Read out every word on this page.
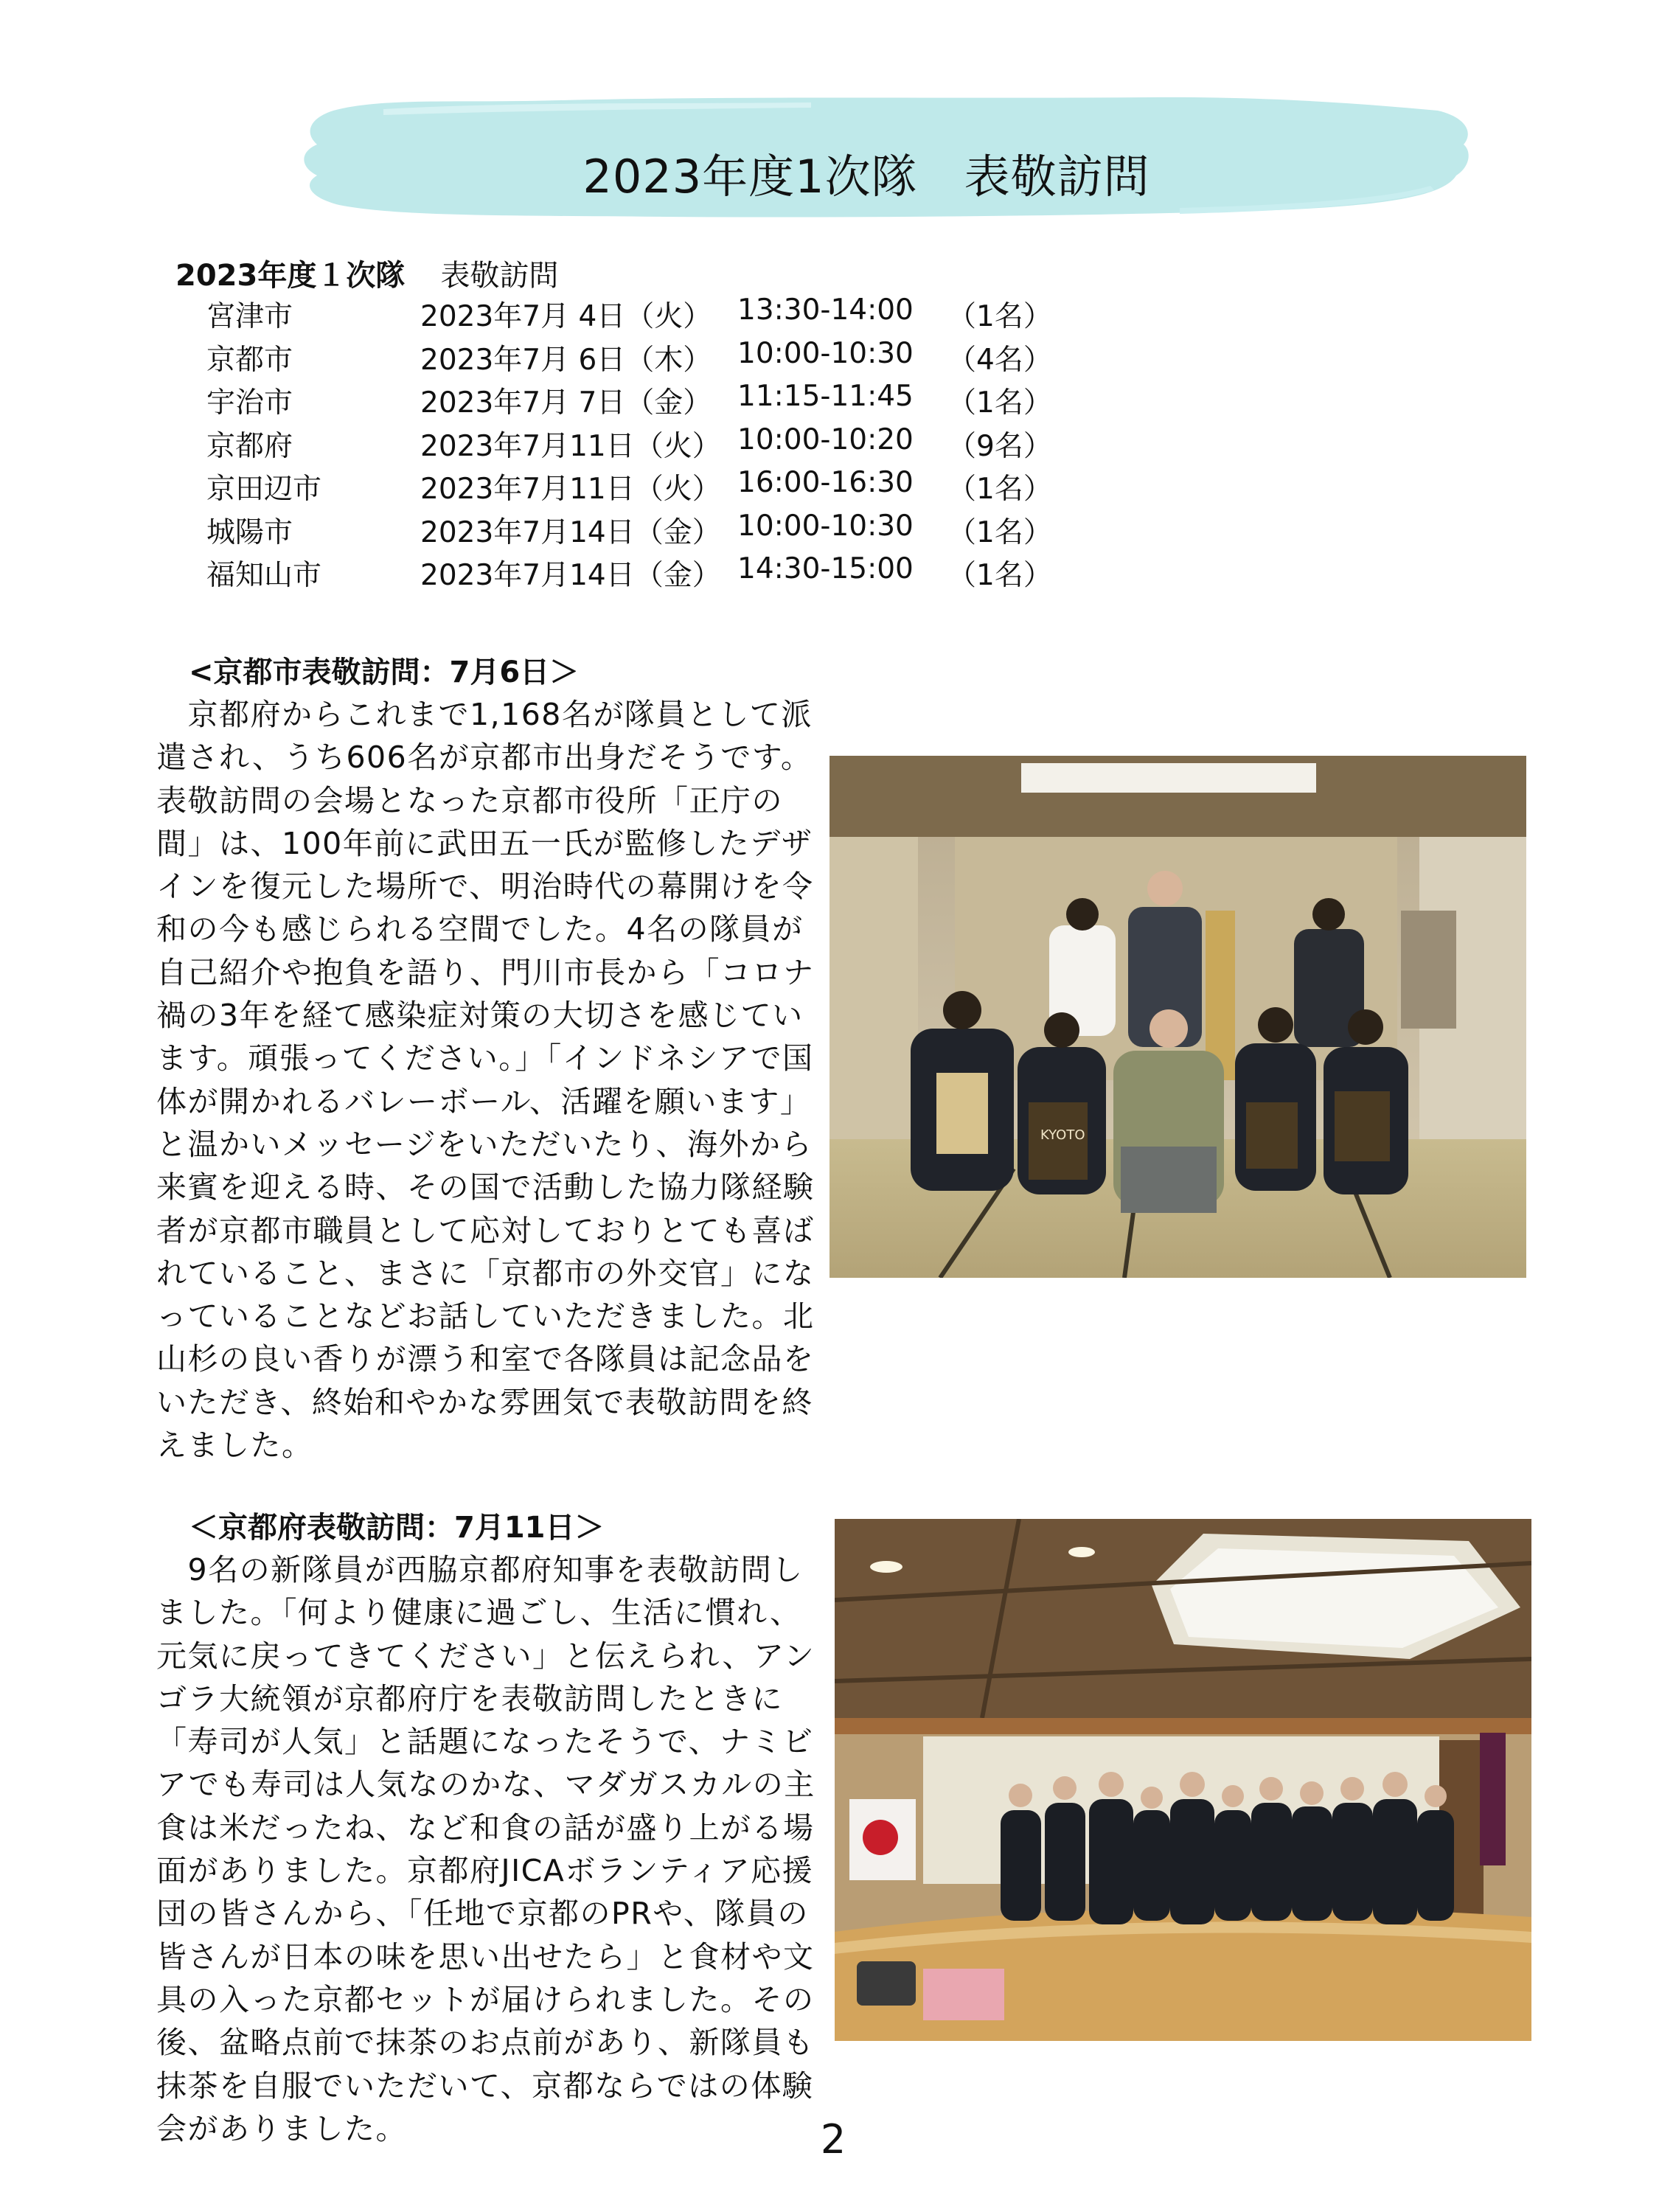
2023年度1次隊　表敬訪問
2023年度１次隊 表敬訪問
宮津市	2023年7月 4日（火） 13:30-14:00 （1名）
京都市	2023年7月 6日（木） 10:00-10:30 （4名）
宇治市	2023年7月 7日（金） 11:15-11:45 （1名）
京都府	2023年7月11日（火） 10:00-10:20 （9名）
京田辺市	2023年7月11日（火） 16:00-16:30 （1名）
城陽市	2023年7月14日（金） 10:00-10:30 （1名）
福知山市	2023年7月14日（金） 14:30-15:00 （1名）
<京都市表敬訪問：7月6日＞

　京都府からこれまで1,168名が隊員として派遣され、うち606名が京都市出身だそうです。表敬訪問の会場となった京都市役所「正庁の間」は、100年前に武田五一氏が監修したデザインを復元した場所で、明治時代の幕開けを令和の今も感じられる空間でした。4名の隊員が自己紹介や抱負を語り、門川市長から「コロナ禍の3年を経て感染症対策の大切さを感じています。頑張ってください。」「インドネシアで国体が開かれるバレーボール、活躍を願います」と温かいメッセージをいただいたり、海外から来賓を迎える時、その国で活動した協力隊経験者が京都市職員として応対しておりとても喜ばれていること、まさに「京都市の外交官」になっていることなどお話していただきました。北山杉の良い香りが漂う和室で各隊員は記念品をいただき、終始和やかな雰囲気で表敬訪問を終えました。

KYOTO
＜京都府表敬訪問：7月11日＞

　9名の新隊員が西脇京都府知事を表敬訪問しました。「何より健康に過ごし、生活に慣れ、元気に戻ってきてください」と伝えられ、アンゴラ大統領が京都府庁を表敬訪問したときに「寿司が人気」と話題になったそうで、ナミビアでも寿司は人気なのかな、マダガスカルの主食は米だったね、など和食の話が盛り上がる場面がありました。京都府JICAボランティア応援団の皆さんから、「任地で京都のPRや、隊員の皆さんが日本の味を思い出せたら」と食材や文具の入った京都セットが届けられました。その後、盆略点前で抹茶のお点前があり、新隊員も抹茶を自服でいただいて、京都ならではの体験会がありました。	2
